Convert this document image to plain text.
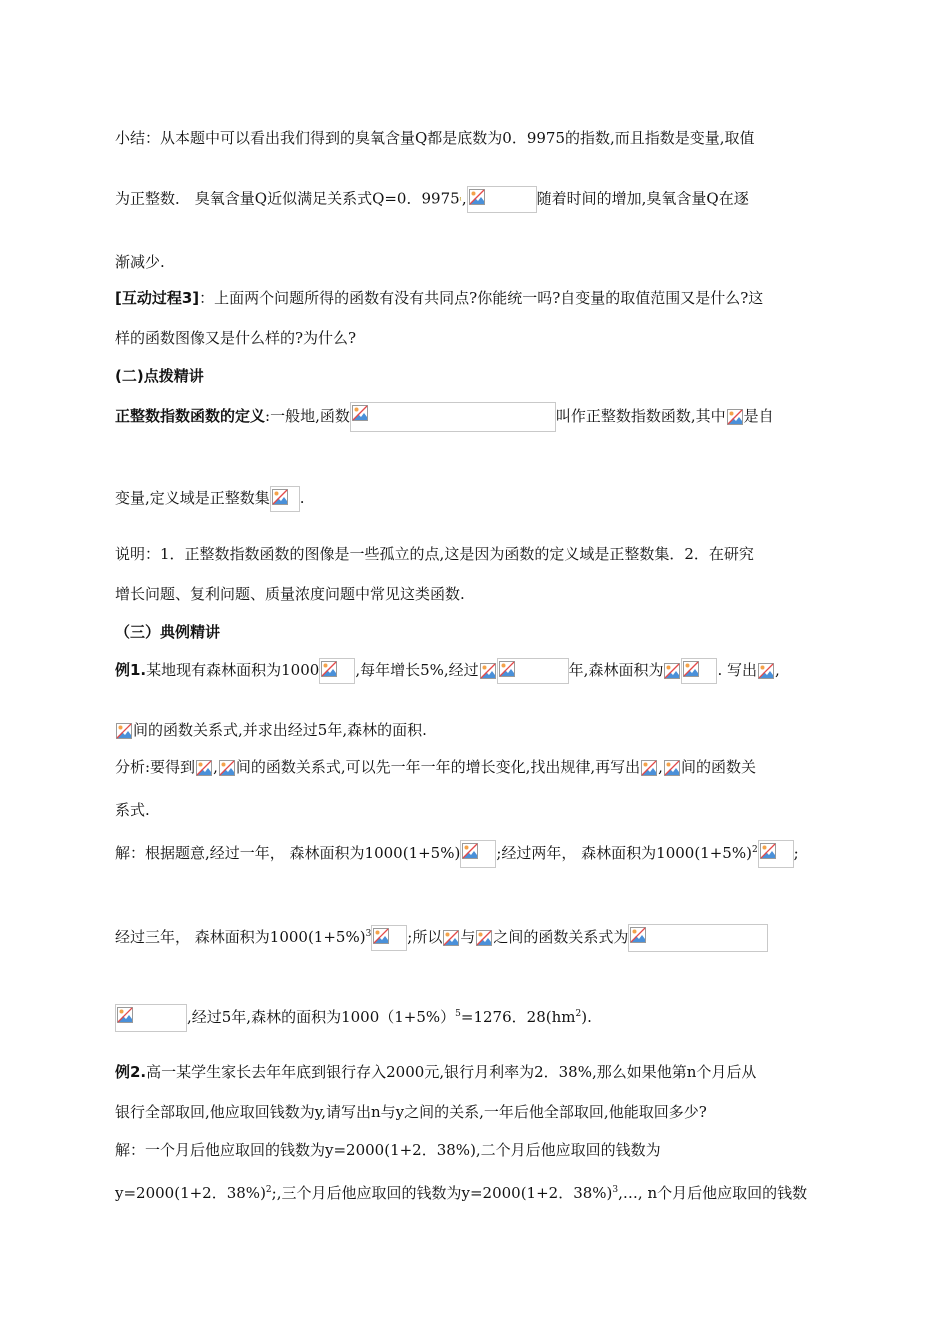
小结：从本题中可以看出我们得到的臭氧含量Q都是底数为0．9975的指数,而且指数是变量,取值
为正整数． 臭氧含量Q近似满足关系式Q=0．9975ˡ,	随着时间的增加,臭氧含量Q在逐
渐减少.
[互动过程3]：上面两个问题所得的函数有没有共同点?你能统一吗?自变量的取值范围又是什么?这
样的函数图像又是什么样的?为什么?
(二)点拨精讲
正整数指数函数的定义:一般地,函数	叫作正整数指数函数,其中 是自
变量,定义域是正整数集 .
说明：1．正整数指数函数的图像是一些孤立的点,这是因为函数的定义域是正整数集．2．在研究
增长问题、复利问题、质量浓度问题中常见这类函数.
（三）典例精讲
例1.某地现有森林面积为1000 ,每年增长5%,经过	年,森林面积为	. 写出 ,
间的函数关系式,并求出经过5年,森林的面积.
分析:要得到 , 间的函数关系式,可以先一年一年的增长变化,找出规律,再写出 , 间的函数关
系式.
解：根据题意,经过一年， 森林面积为1000(1+5%) ;经过两年， 森林面积为$1000(1+5\%)^2$ ;
经过三年， 森林面积为$1000(1+5\%)^3$ ;所以 与 之间的函数关系式为
,经过5年,森林的面积为$1000(1+5\%)^5=1276$．$28(hm^2)$.
例2.高一某学生家长去年年底到银行存入2000元,银行月利率为2．38%,那么如果他第n个月后从
银行全部取回,他应取回钱数为y,请写出n与y之间的关系,一年后他全部取回,他能取回多少?
解：一个月后他应取回的钱数为y=2000(1+2．38%),二个月后他应取回的钱数为
y=2000(1+2．38%)$^2$;,三个月后他应取回的钱数为y=2000(1+2．38%)$^3$,…, n个月后他应取回的钱数
